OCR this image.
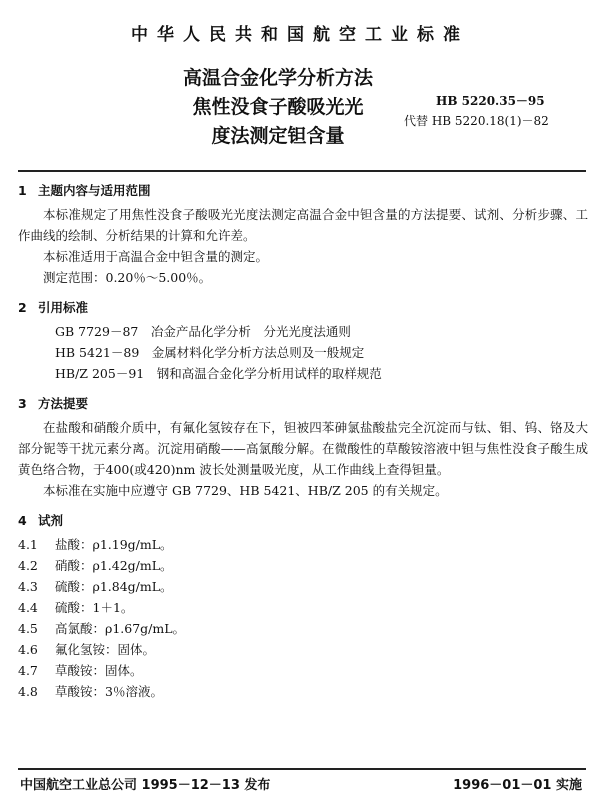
中华人民共和国航空工业标准
高温合金化学分析方法
焦性没食子酸吸光光
度法测定钽含量
HB 5220.35－95
代替 HB 5220.18(1)－82

1 主题内容与适用范围

本标准规定了用焦性没食子酸吸光光度法测定高温合金中钽含量的方法提要、试剂、分析步骤、工作曲线的绘制、分析结果的计算和允许差。

本标准适用于高温合金中钽含量的测定。

测定范围：0.20％～5.00％。

2 引用标准

GB 7729－87　冶金产品化学分析　分光光度法通则

HB 5421－89　金属材料化学分析方法总则及一般规定

HB/Z 205－91　钢和高温合金化学分析用试样的取样规范

3 方法提要

在盐酸和硝酸介质中，有氟化氢铵存在下，钽被四苯砷氯盐酸盐完全沉淀而与钛、钼、钨、铬及大部分铌等干扰元素分离。沉淀用硝酸——高氯酸分解。在微酸性的草酸铵溶液中钽与焦性没食子酸生成黄色络合物，于400(或420)nm 波长处测量吸光度，从工作曲线上查得钽量。

本标准在实施中应遵守 GB 7729、HB 5421、HB/Z 205 的有关规定。

4 试剂

4.1 盐酸：ρ1.19g/mL。

4.2 硝酸：ρ1.42g/mL。

4.3 硫酸：ρ1.84g/mL。

4.4 硫酸：1＋1。

4.5 高氯酸：ρ1.67g/mL。

4.6 氟化氢铵：固体。

4.7 草酸铵：固体。

4.8 草酸铵：3％溶液。

中国航空工业总公司 1995－12－13 发布	1996－01－01 实施
